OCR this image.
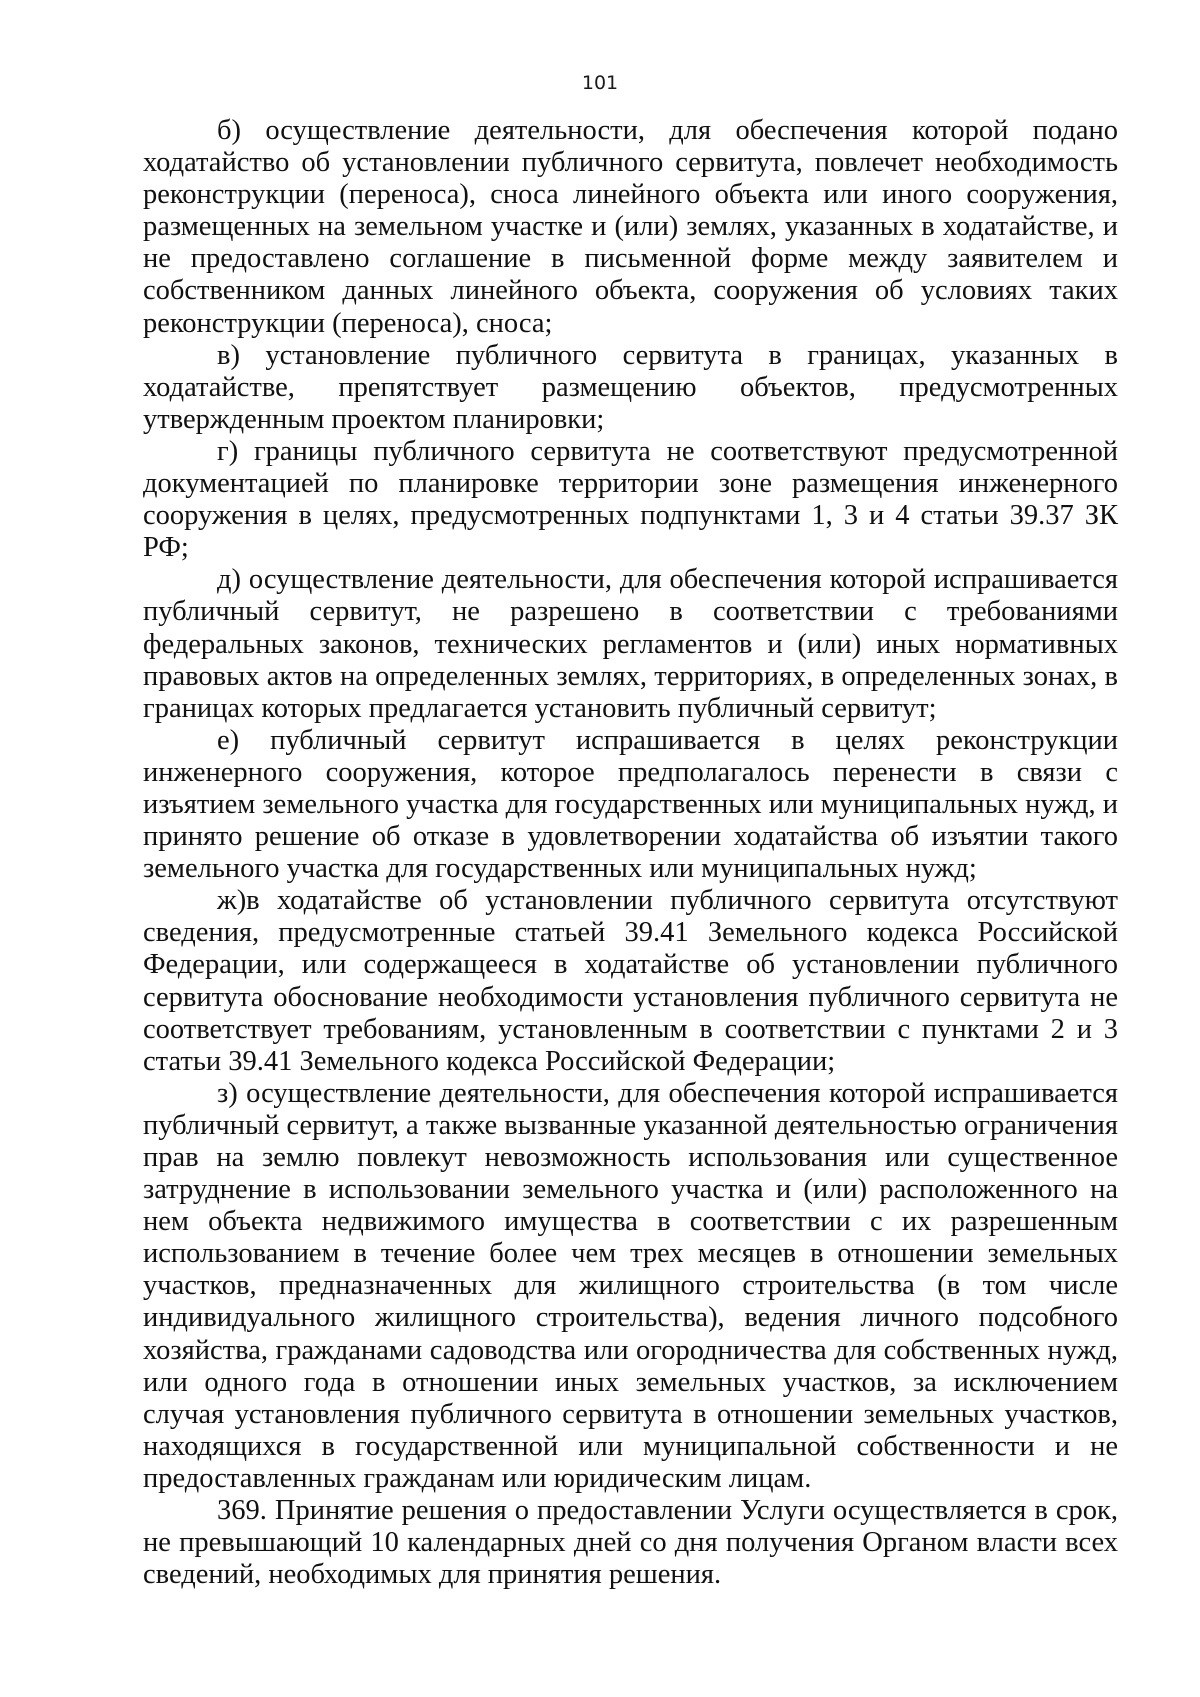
101

б) осуществление деятельности, для обеспечения которой подано ходатайство об установлении публичного сервитута, повлечет необходимость реконструкции (переноса), сноса линейного объекта или иного сооружения, размещенных на земельном участке и (или) землях, указанных в ходатайстве, и не предоставлено соглашение в письменной форме между заявителем и собственником данных линейного объекта, сооружения об условиях таких реконструкции (переноса), сноса;

в) установление публичного сервитута в границах, указанных в ходатайстве, препятствует размещению объектов, предусмотренных утвержденным проектом планировки;

г) границы публичного сервитута не соответствуют предусмотренной документацией по планировке территории зоне размещения инженерного сооружения в целях, предусмотренных подпунктами 1, 3 и 4 статьи 39.37 ЗК РФ;

д) осуществление деятельности, для обеспечения которой испрашивается публичный сервитут, не разрешено в соответствии с требованиями федеральных законов, технических регламентов и (или) иных нормативных правовых актов на определенных землях, территориях, в определенных зонах, в границах которых предлагается установить публичный сервитут;

е) публичный сервитут испрашивается в целях реконструкции инженерного сооружения, которое предполагалось перенести в связи с изъятием земельного участка для государственных или муниципальных нужд, и принято решение об отказе в удовлетворении ходатайства об изъятии такого земельного участка для государственных или муниципальных нужд;

ж)в ходатайстве об установлении публичного сервитута отсутствуют сведения, предусмотренные статьей 39.41 Земельного кодекса Российской Федерации, или содержащееся в ходатайстве об установлении публичного сервитута обоснование необходимости установления публичного сервитута не соответствует требованиям, установленным в соответствии с пунктами 2 и 3 статьи 39.41 Земельного кодекса Российской Федерации;

з) осуществление деятельности, для обеспечения которой испрашивается публичный сервитут, а также вызванные указанной деятельностью ограничения прав на землю повлекут невозможность использования или существенное затруднение в использовании земельного участка и (или) расположенного на нем объекта недвижимого имущества в соответствии с их разрешенным использованием в течение более чем трех месяцев в отношении земельных участков, предназначенных для жилищного строительства (в том числе индивидуального жилищного строительства), ведения личного подсобного хозяйства, гражданами садоводства или огородничества для собственных нужд, или одного года в отношении иных земельных участков, за исключением случая установления публичного сервитута в отношении земельных участков, находящихся в государственной или муниципальной собственности и не предоставленных гражданам или юридическим лицам.

369. Принятие решения о предоставлении Услуги осуществляется в срок, не превышающий 10 календарных дней со дня получения Органом власти всех сведений, необходимых для принятия решения.
